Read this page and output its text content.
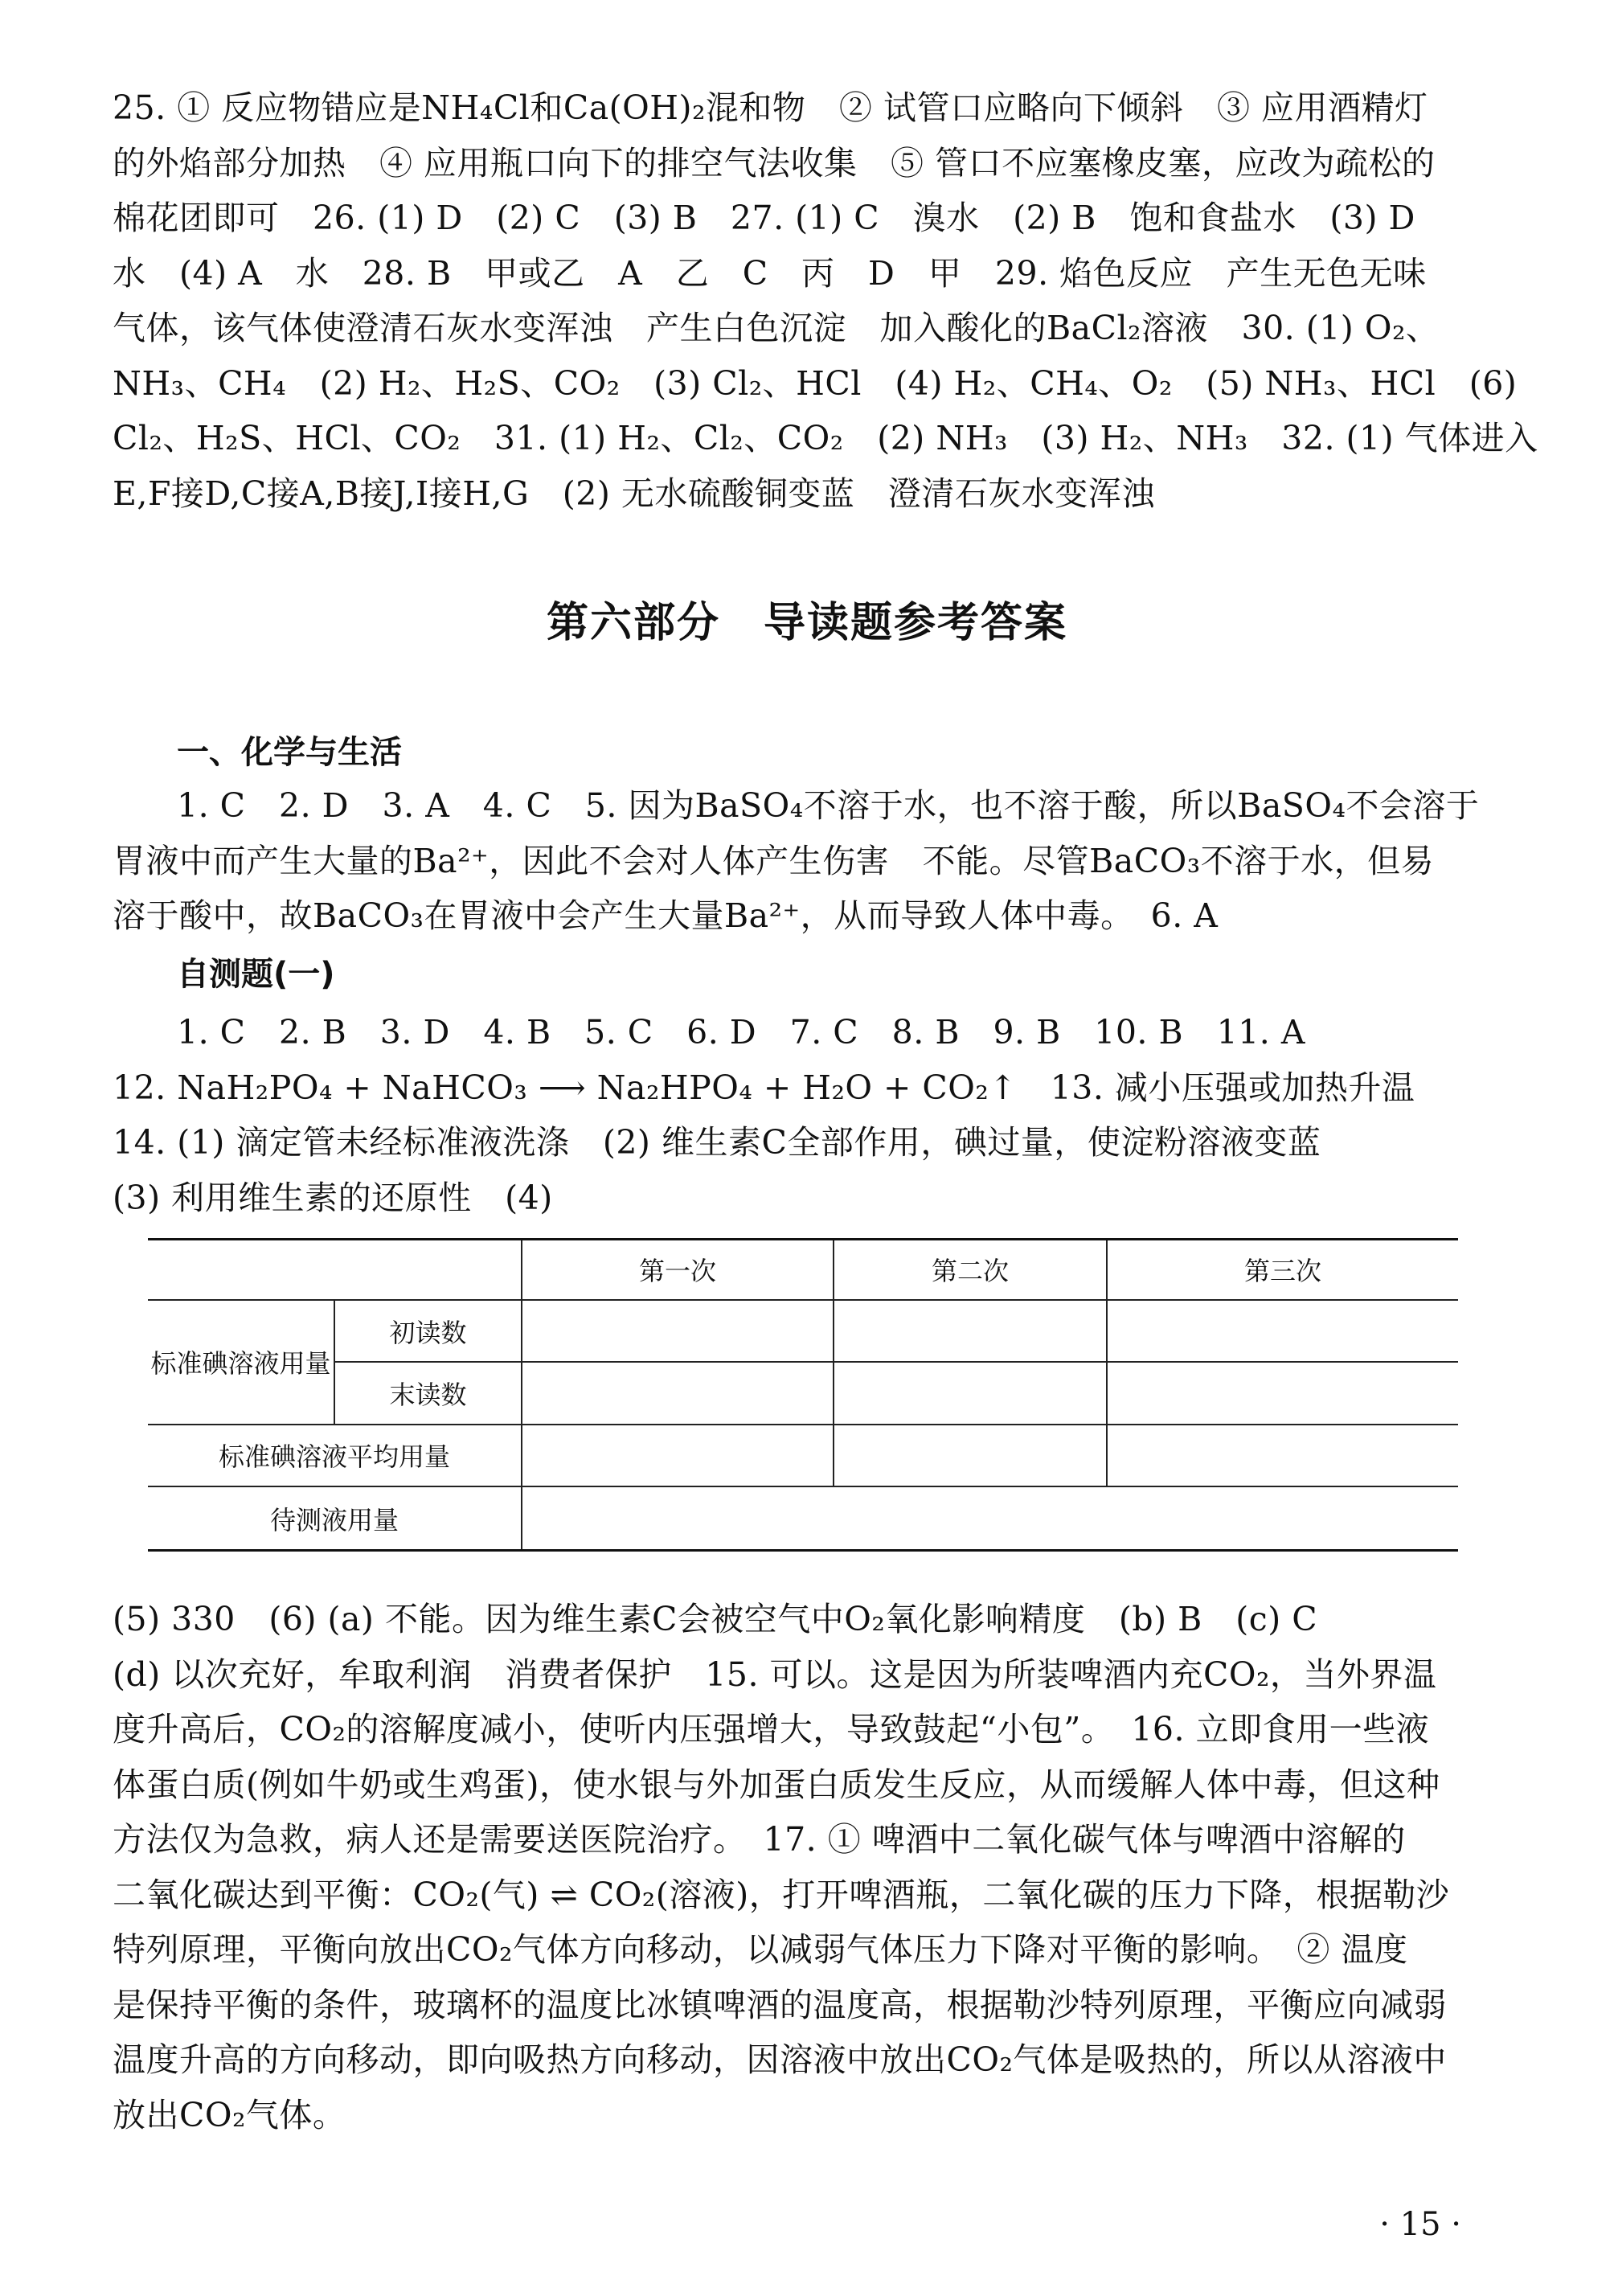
25. ① 反应物错应是NH₄Cl和Ca(OH)₂混和物　② 试管口应略向下倾斜　③ 应用酒精灯
的外焰部分加热　④ 应用瓶口向下的排空气法收集　⑤ 管口不应塞橡皮塞，应改为疏松的
棉花团即可　26. (1) D　(2) C　(3) B　27. (1) C　溴水　(2) B　饱和食盐水　(3) D
水　(4) A　水　28. B　甲或乙　A　乙　C　丙　D　甲　29. 焰色反应　产生无色无味
气体，该气体使澄清石灰水变浑浊　产生白色沉淀　加入酸化的BaCl₂溶液　30. (1) O₂、
NH₃、CH₄　(2) H₂、H₂S、CO₂　(3) Cl₂、HCl　(4) H₂、CH₄、O₂　(5) NH₃、HCl　(6)
Cl₂、H₂S、HCl、CO₂　31. (1) H₂、Cl₂、CO₂　(2) NH₃　(3) H₂、NH₃　32. (1) 气体进入
E,F接D,C接A,B接J,I接H,G　(2) 无水硫酸铜变蓝　澄清石灰水变浑浊
第六部分　导读题参考答案
一、化学与生活
1. C　2. D　3. A　4. C　5. 因为BaSO₄不溶于水，也不溶于酸，所以BaSO₄不会溶于
胃液中而产生大量的Ba²⁺，因此不会对人体产生伤害　不能。尽管BaCO₃不溶于水，但易
溶于酸中，故BaCO₃在胃液中会产生大量Ba²⁺，从而导致人体中毒。　6. A
自测题(一)
1. C　2. B　3. D　4. B　5. C　6. D　7. C　8. B　9. B　10. B　11. A
12. NaH₂PO₄ + NaHCO₃ ⟶ Na₂HPO₄ + H₂O + CO₂↑　13. 减小压强或加热升温
14. (1) 滴定管未经标准液洗涤　(2) 维生素C全部作用，碘过量，使淀粉溶液变蓝
(3) 利用维生素的还原性　(4)
		第一次	第二次	第三次
标准碘溶液用量	初读数			
	末读数			
标准碘溶液平均用量				
待测液用量				
(5) 330　(6) (a) 不能。因为维生素C会被空气中O₂氧化影响精度　(b) B　(c) C
(d) 以次充好，牟取利润　消费者保护　15. 可以。这是因为所装啤酒内充CO₂，当外界温
度升高后，CO₂的溶解度减小，使听内压强增大，导致鼓起“小包”。　16. 立即食用一些液
体蛋白质(例如牛奶或生鸡蛋)，使水银与外加蛋白质发生反应，从而缓解人体中毒，但这种
方法仅为急救，病人还是需要送医院治疗。　17. ① 啤酒中二氧化碳气体与啤酒中溶解的
二氧化碳达到平衡：CO₂(气) ⇌ CO₂(溶液)，打开啤酒瓶，二氧化碳的压力下降，根据勒沙
特列原理，平衡向放出CO₂气体方向移动，以减弱气体压力下降对平衡的影响。　② 温度
是保持平衡的条件，玻璃杯的温度比冰镇啤酒的温度高，根据勒沙特列原理，平衡应向减弱
温度升高的方向移动，即向吸热方向移动，因溶液中放出CO₂气体是吸热的，所以从溶液中
放出CO₂气体。
· 15 ·
